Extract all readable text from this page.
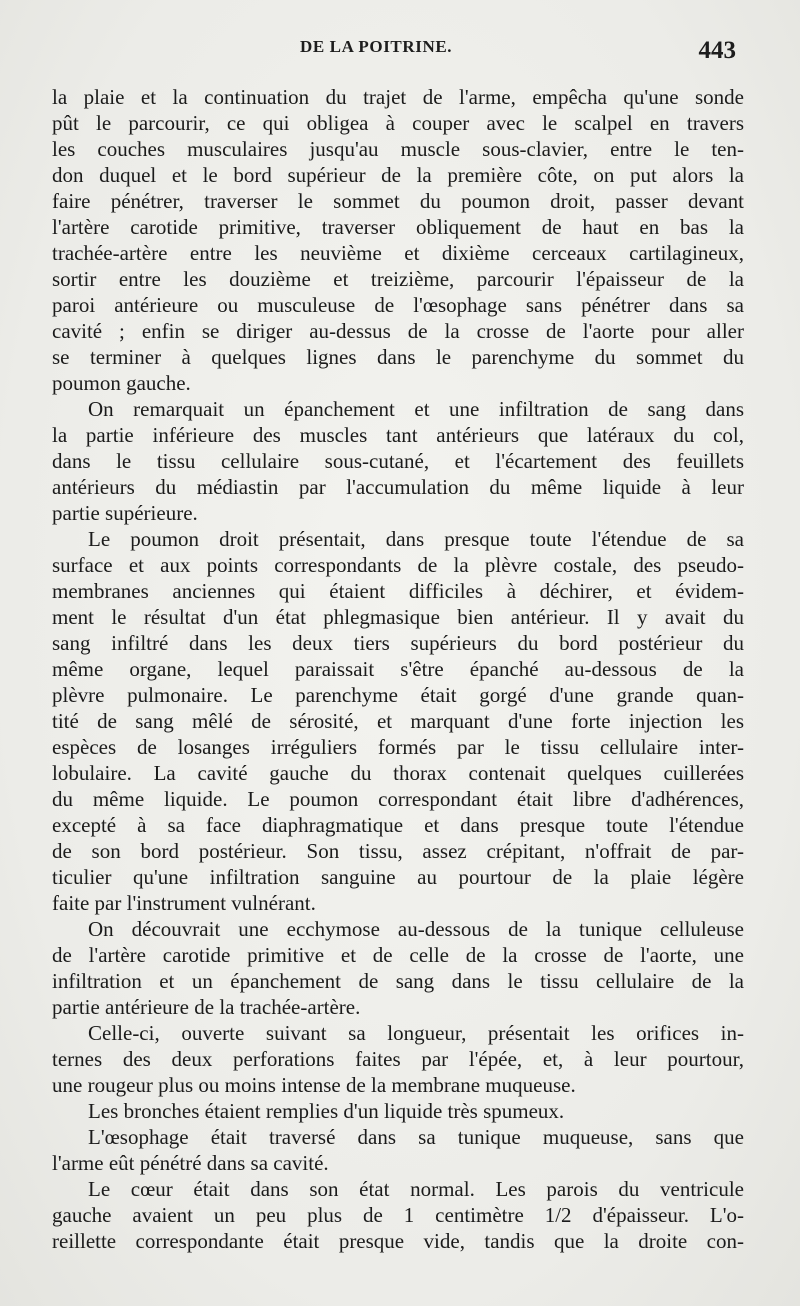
DE LA POITRINE.	443
la plaie et la continuation du trajet de l'arme, empêcha qu'une sonde
pût le parcourir, ce qui obligea à couper avec le scalpel en travers
les couches musculaires jusqu'au muscle sous-clavier, entre le ten-
don duquel et le bord supérieur de la première côte, on put alors la
faire pénétrer, traverser le sommet du poumon droit, passer devant
l'artère carotide primitive, traverser obliquement de haut en bas la
trachée-artère entre les neuvième et dixième cerceaux cartilagineux,
sortir entre les douzième et treizième, parcourir l'épaisseur de la
paroi antérieure ou musculeuse de l'œsophage sans pénétrer dans sa
cavité ; enfin se diriger au-dessus de la crosse de l'aorte pour aller
se terminer à quelques lignes dans le parenchyme du sommet du
poumon gauche.
On remarquait un épanchement et une infiltration de sang dans
la partie inférieure des muscles tant antérieurs que latéraux du col,
dans le tissu cellulaire sous-cutané, et l'écartement des feuillets
antérieurs du médiastin par l'accumulation du même liquide à leur
partie supérieure.
Le poumon droit présentait, dans presque toute l'étendue de sa
surface et aux points correspondants de la plèvre costale, des pseudo-
membranes anciennes qui étaient difficiles à déchirer, et évidem-
ment le résultat d'un état phlegmasique bien antérieur. Il y avait du
sang infiltré dans les deux tiers supérieurs du bord postérieur du
même organe, lequel paraissait s'être épanché au-dessous de la
plèvre pulmonaire. Le parenchyme était gorgé d'une grande quan-
tité de sang mêlé de sérosité, et marquant d'une forte injection les
espèces de losanges irréguliers formés par le tissu cellulaire inter-
lobulaire. La cavité gauche du thorax contenait quelques cuillerées
du même liquide. Le poumon correspondant était libre d'adhérences,
excepté à sa face diaphragmatique et dans presque toute l'étendue
de son bord postérieur. Son tissu, assez crépitant, n'offrait de par-
ticulier qu'une infiltration sanguine au pourtour de la plaie légère
faite par l'instrument vulnérant.
On découvrait une ecchymose au-dessous de la tunique celluleuse
de l'artère carotide primitive et de celle de la crosse de l'aorte, une
infiltration et un épanchement de sang dans le tissu cellulaire de la
partie antérieure de la trachée-artère.
Celle-ci, ouverte suivant sa longueur, présentait les orifices in-
ternes des deux perforations faites par l'épée, et, à leur pourtour,
une rougeur plus ou moins intense de la membrane muqueuse.
Les bronches étaient remplies d'un liquide très spumeux.
L'œsophage était traversé dans sa tunique muqueuse, sans que
l'arme eût pénétré dans sa cavité.
Le cœur était dans son état normal. Les parois du ventricule
gauche avaient un peu plus de 1 centimètre 1/2 d'épaisseur. L'o-
reillette correspondante était presque vide, tandis que la droite con-
